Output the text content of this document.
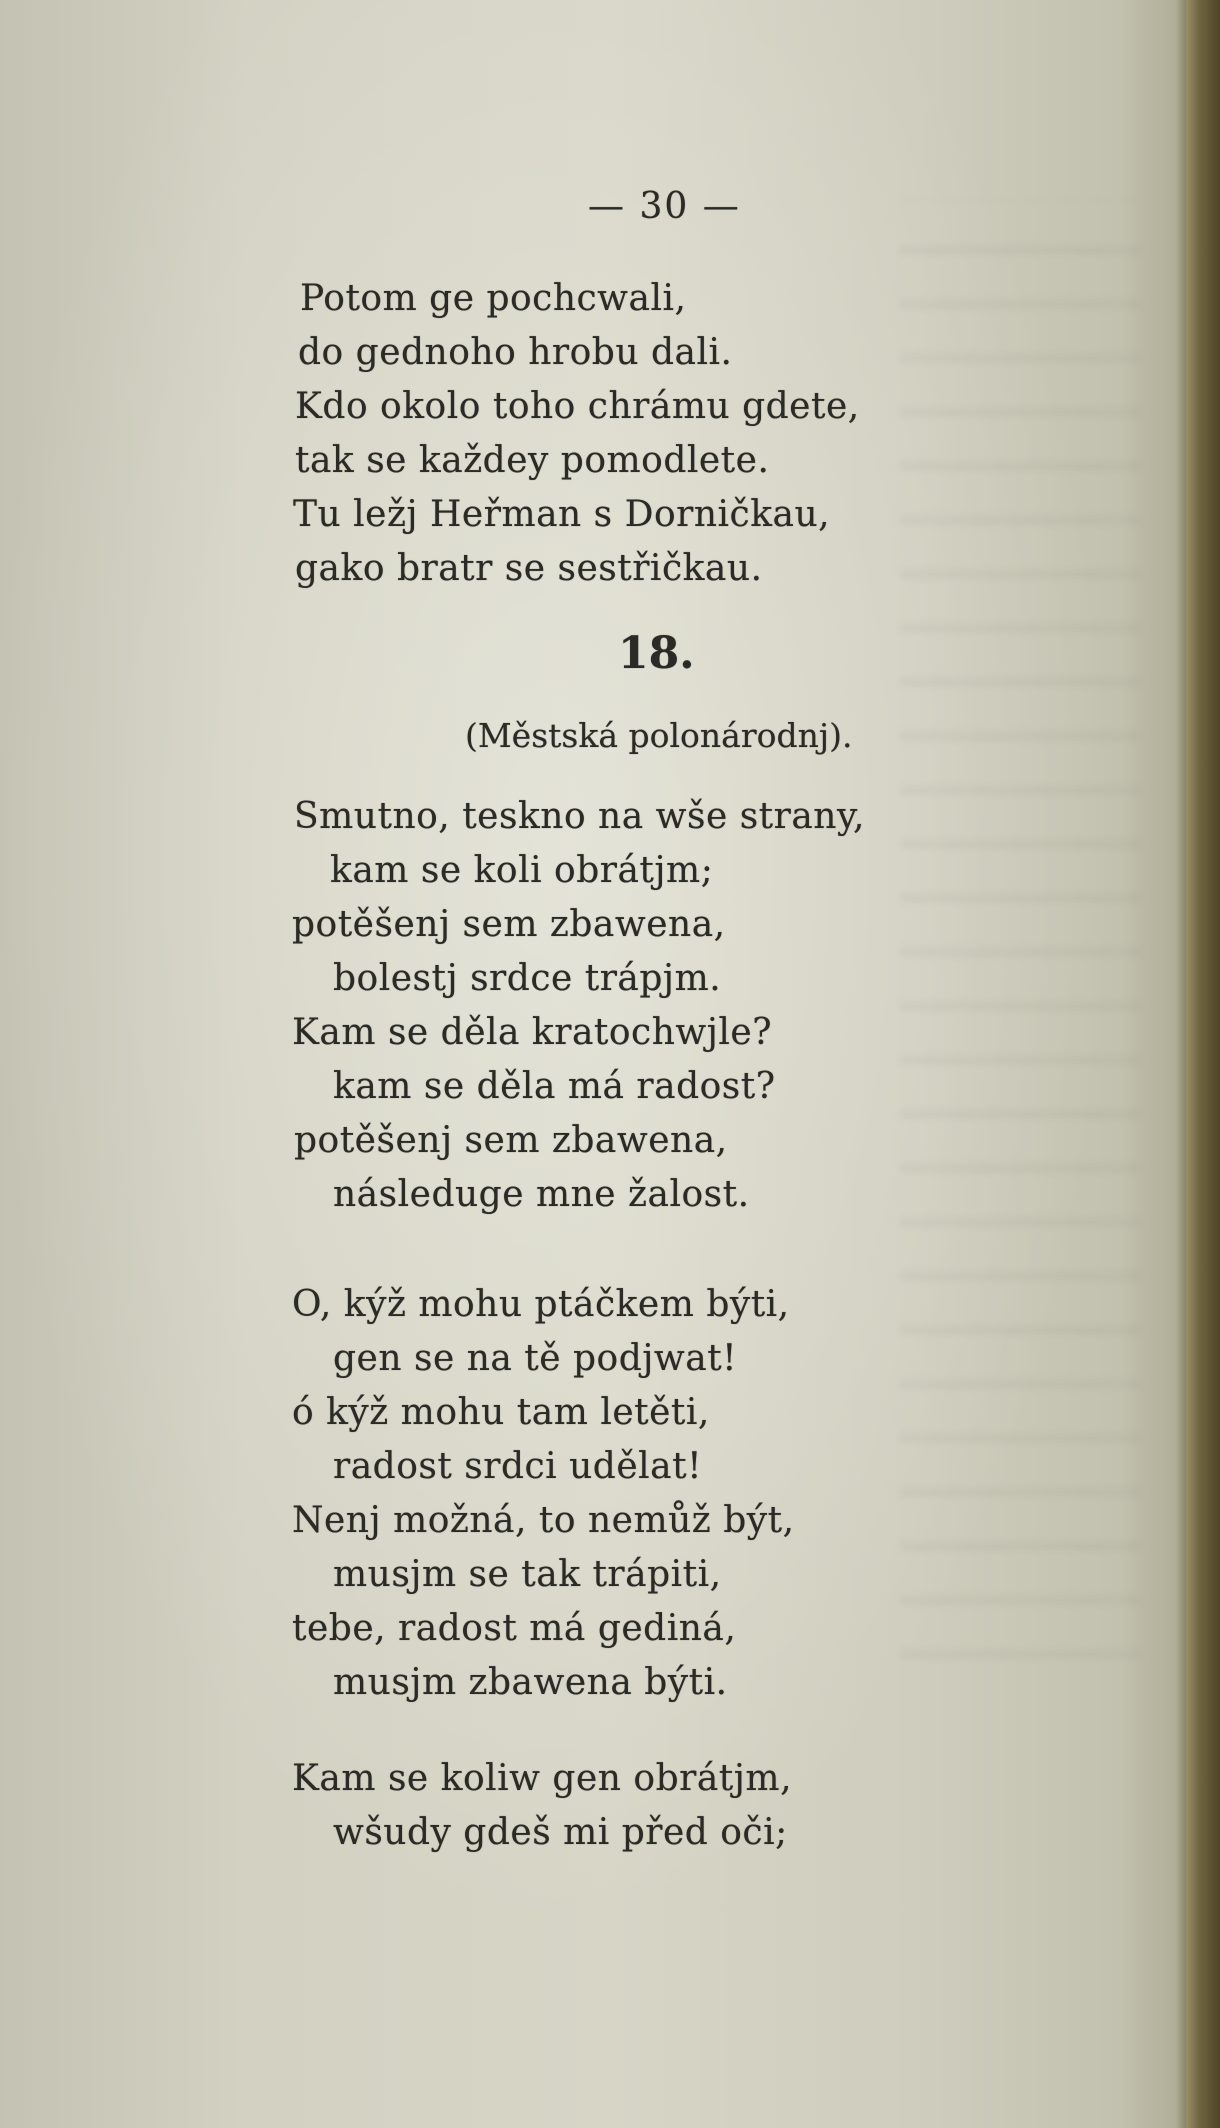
— 30 —
Potom ge pochcwali,
do gednoho hrobu dali.
Kdo okolo toho chrámu gdete,
tak se každey pomodlete.
Tu ležj Heřman s Dorničkau,
gako bratr se sestřičkau.
18.
(Městská polonárodnj).
Smutno, teskno na wše strany,
kam se koli obrátjm;
potěšenj sem zbawena,
bolestj srdce trápjm.
Kam se děla kratochwjle?
kam se děla má radost?
potěšenj sem zbawena,
následuge mne žalost.
O, kýž mohu ptáčkem býti,
gen se na tě podjwat!
ó kýž mohu tam letěti,
radost srdci udělat!
Nenj možná, to nemůž být,
musjm se tak trápiti,
tebe, radost má gediná,
musjm zbawena býti.
Kam se koliw gen obrátjm,
wšudy gdeš mi před oči;
